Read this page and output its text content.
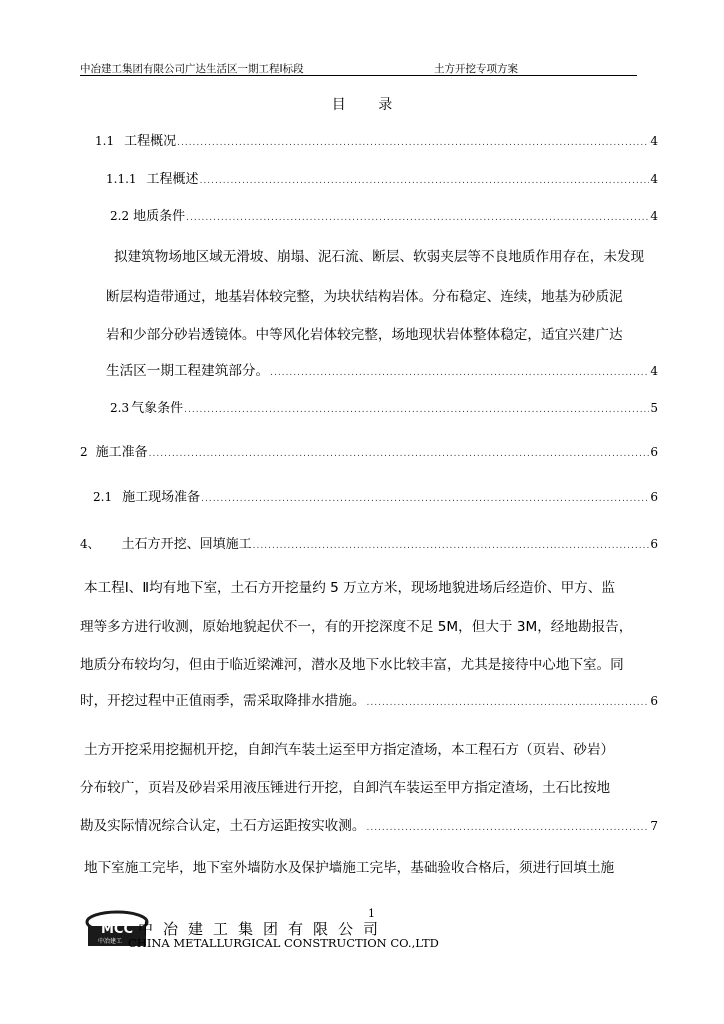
中冶建工集团有限公司广达生活区一期工程Ⅰ标段	土方开挖专项方案
目 录
1.1 工程概况 .....	4
1.1.1 工程概述 .....	4
2.2 地质条件 .....	4
拟建筑物场地区域无滑坡、崩塌、泥石流、断层、软弱夹层等不良地质作用存在，未发现
断层构造带通过，地基岩体较完整，为块状结构岩体。分布稳定、连续，地基为砂质泥
岩和少部分砂岩透镜体。中等风化岩体较完整，场地现状岩体整体稳定，适宜兴建广达
生活区一期工程建筑部分。 .....	4
2.3 气象条件 .....	5
2 施工准备 .....	6
2.1 施工现场准备 .....	6
4、 土石方开挖、回填施工 .....	6
本工程Ⅰ、Ⅱ均有地下室，土石方开挖量约 5 万立方米，现场地貌进场后经造价、甲方、监
理等多方进行收测，原始地貌起伏不一，有的开挖深度不足 5M，但大于 3M，经地勘报告，
地质分布较均匀，但由于临近梁滩河，潜水及地下水比较丰富，尤其是接待中心地下室。同
时，开挖过程中正值雨季，需采取降排水措施。 .....	6
土方开挖采用挖掘机开挖，自卸汽车装土运至甲方指定渣场，本工程石方（页岩、砂岩）
分布较广，页岩及砂岩采用液压锤进行开挖，自卸汽车装运至甲方指定渣场，土石比按地
勘及实际情况综合认定，土石方运距按实收测。 .....	7
地下室施工完毕，地下室外墙防水及保护墙施工完毕，基础验收合格后，须进行回填土施
1
MCC
中冶建工
中冶建工集团有限公司
CHINA METALLURGICAL CONSTRUCTION CO.,LTD
